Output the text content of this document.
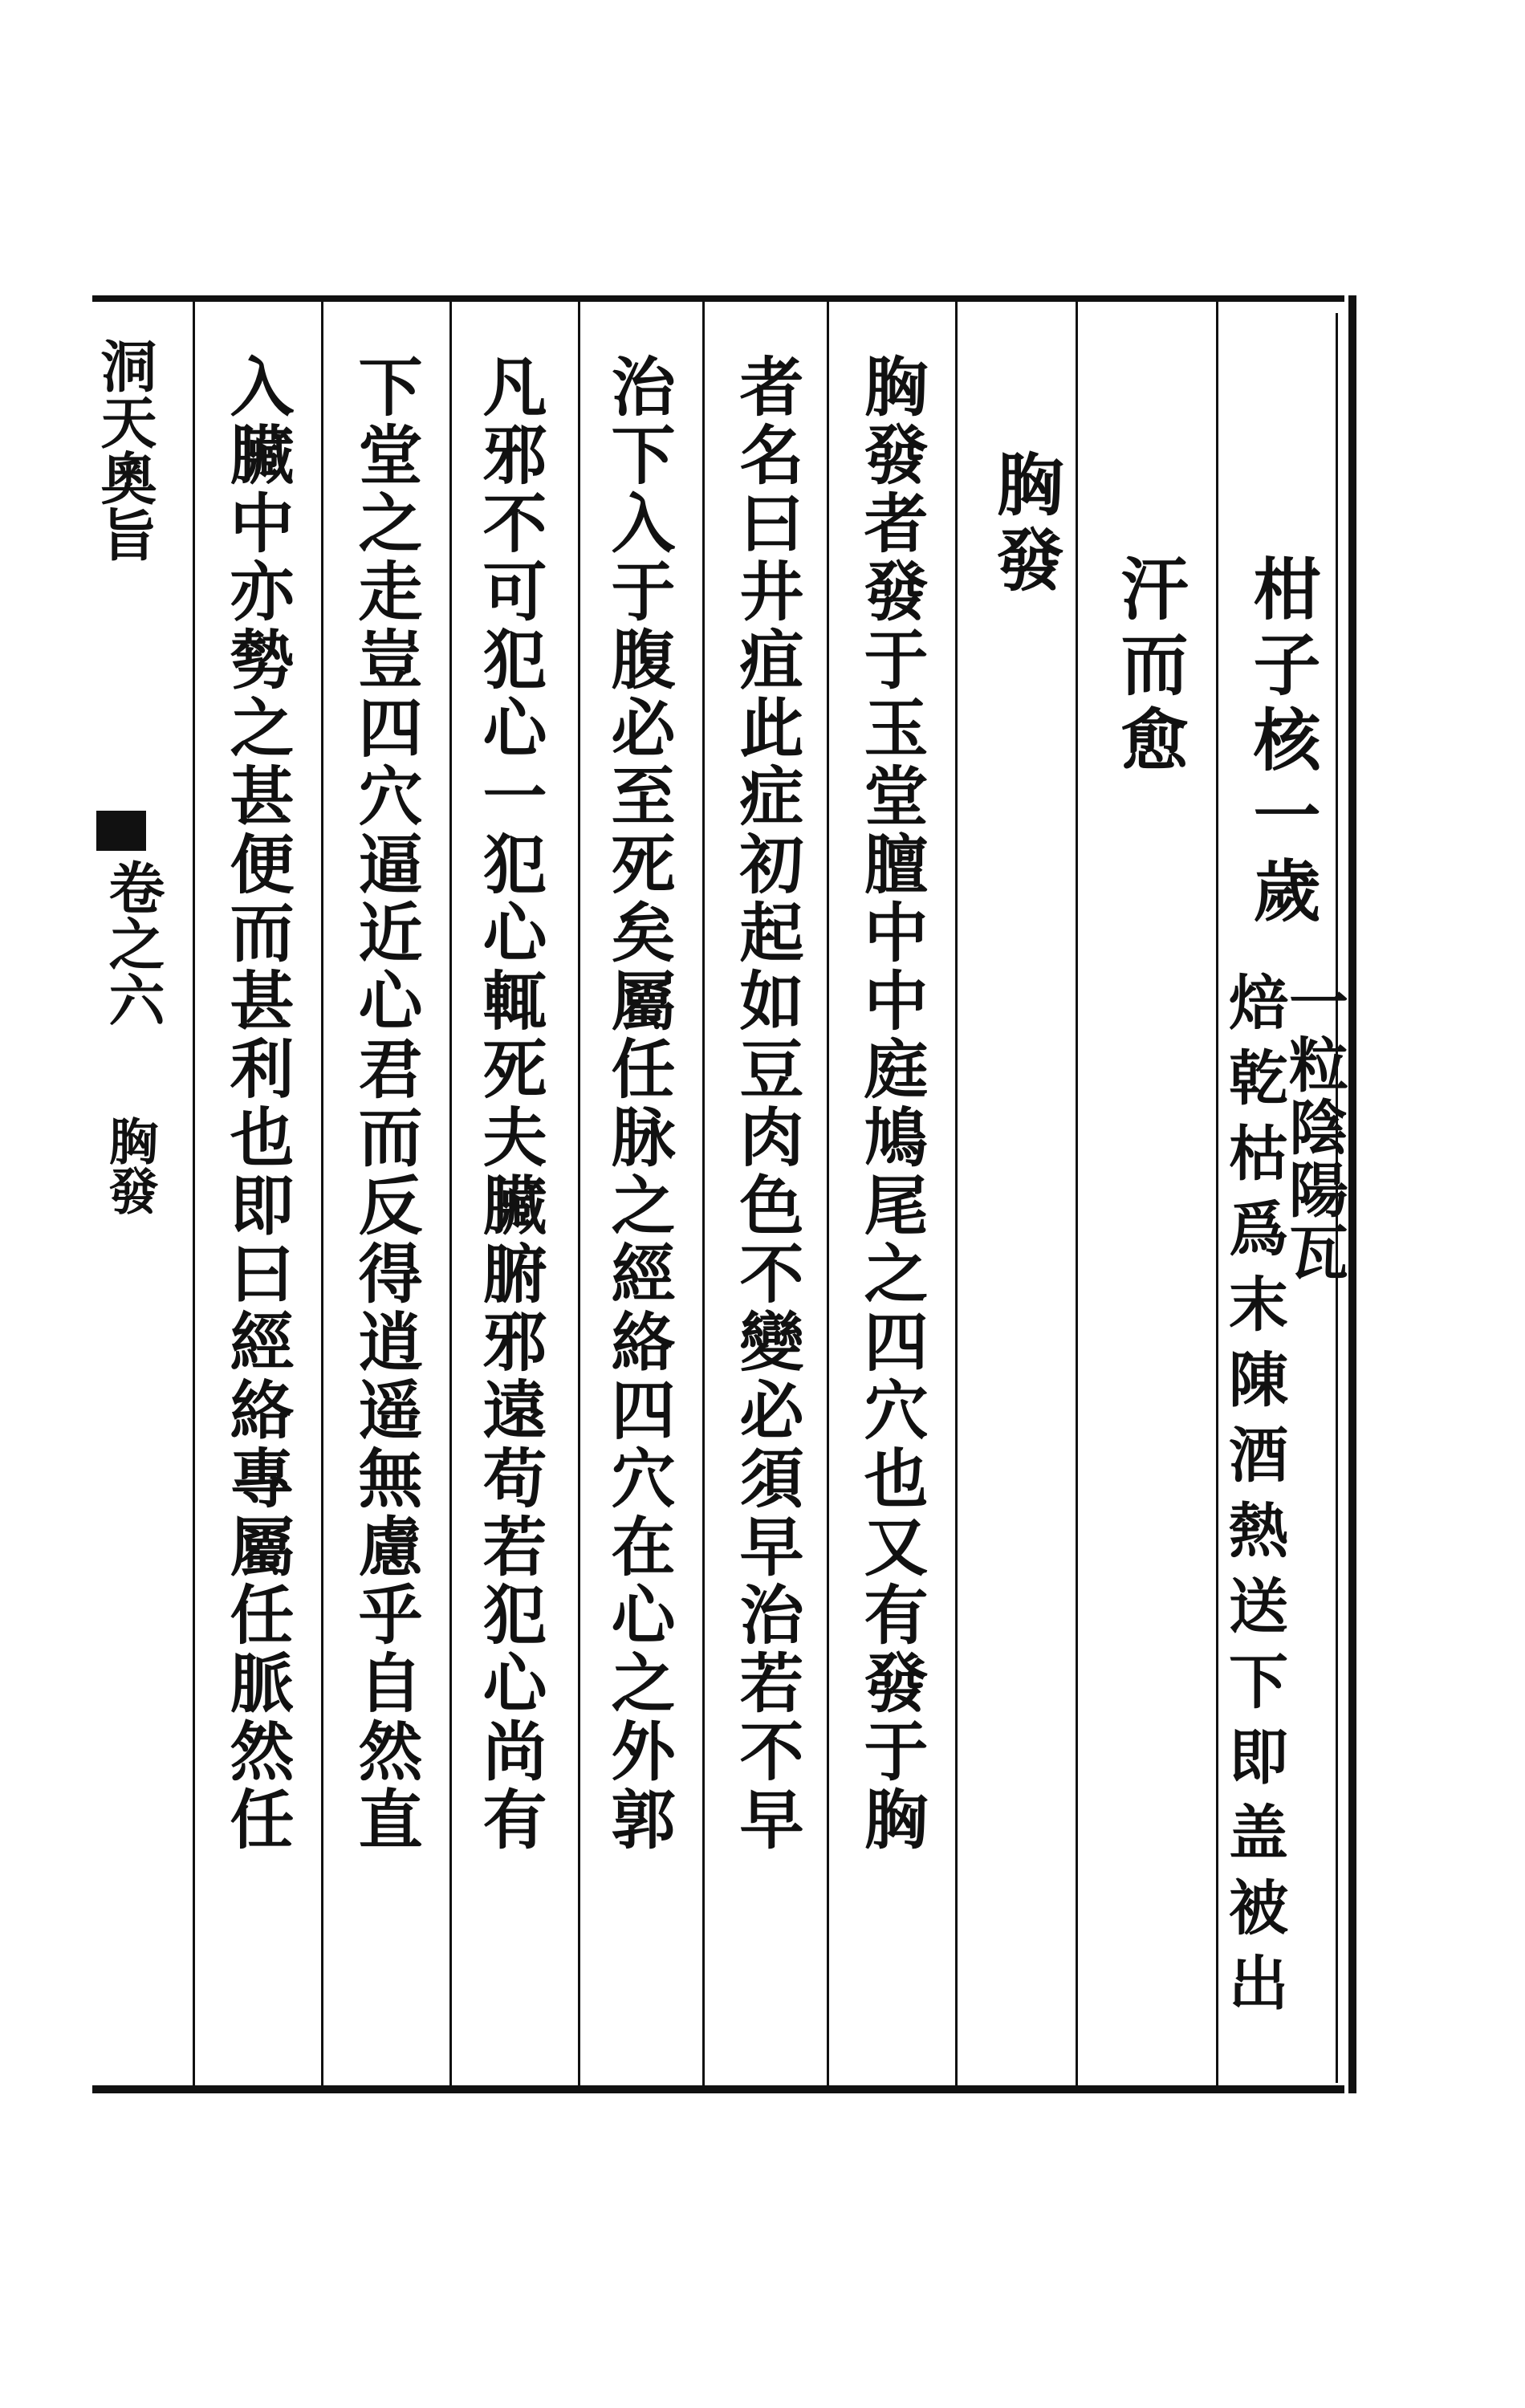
柑子核一歲
一粒陰陽瓦
焙乾枯爲末陳酒熱送下即盖被出
汗而愈
胸發
胸發者發于玉堂膻中中庭鳩尾之四穴也又有發于胸
者名曰井疽此症初起如豆肉色不變必須早治若不早
治下入于腹必至死矣屬任脉之經絡四穴在心之外郭
凡邪不可犯心一犯心輒死夫臟腑邪遠苟若犯心尚有
下堂之走豈四穴逼近心君而反得逍遥無慮乎自然直
入臟中亦勢之甚便而甚利也即曰經絡專屬任脈然任
洞天奧旨
卷之六
胸發
